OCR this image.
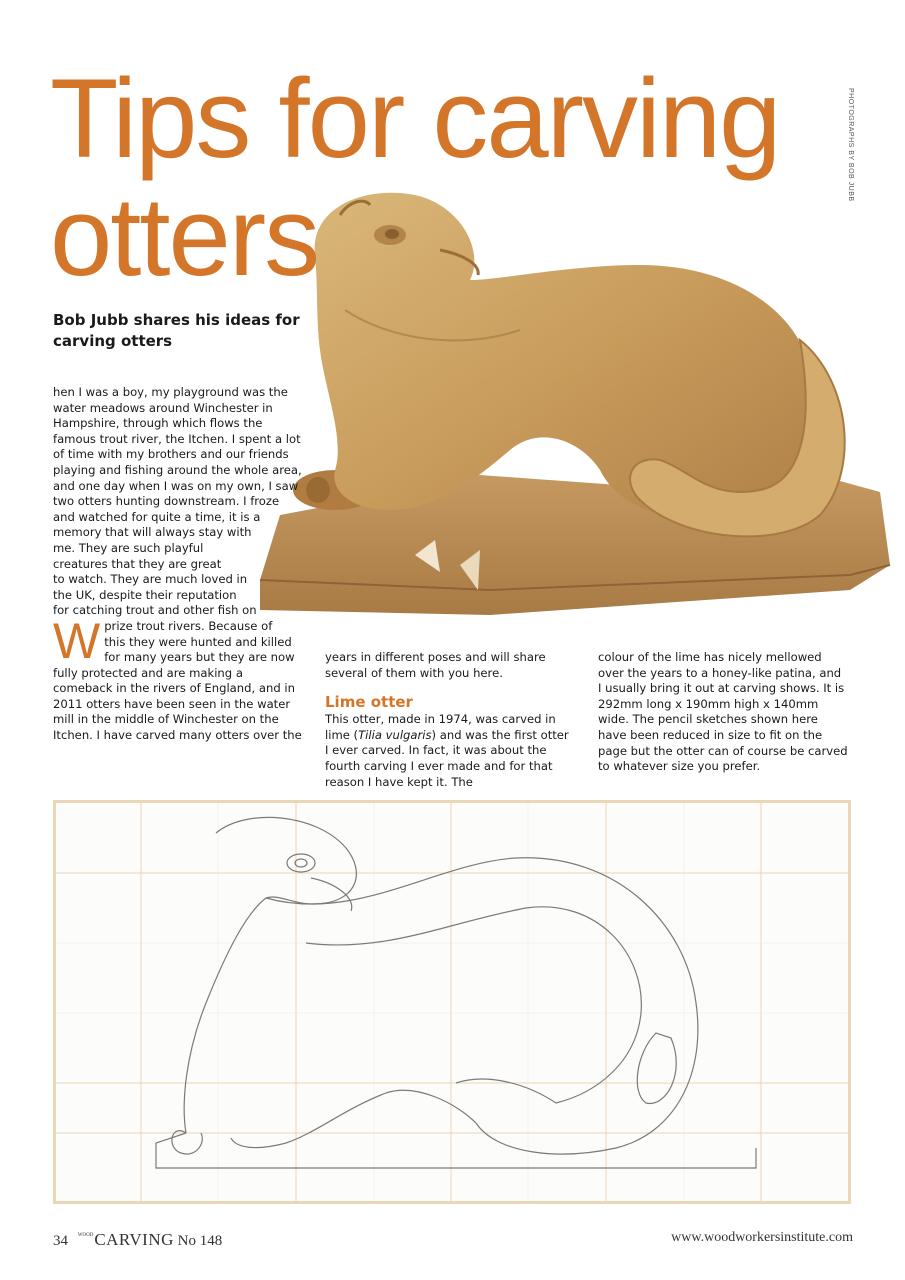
Tips for carving
otters
PHOTOGRAPHS BY BOB JUBB
Bob Jubb shares his ideas for carving otters
W

hen I was a boy, my playground was the water meadows around Winchester in Hampshire, through which flows the famous trout river, the Itchen. I spent a lot of time with my brothers and our friends playing and fishing around the whole area, and one day when I was on my own, I saw two otters hunting downstream. I froze and watched for quite a time, it is a memory that will always stay with me. They are such playful creatures that they are great to watch. They are much loved in the UK, despite their reputation for catching trout and other fish on prize trout rivers. Because of this they were hunted and killed for many years but they are now fully protected and are making a comeback in the rivers of England, and in 2011 otters have been seen in the water mill in the middle of Winchester on the Itchen. I have carved many otters over the

years in different poses and will share several of them with you here.

Lime otter

This otter, made in 1974, was carved in lime (Tilia vulgaris) and was the first otter I ever carved. In fact, it was about the fourth carving I ever made and for that reason I have kept it. The

colour of the lime has nicely mellowed over the years to a honey-like patina, and I usually bring it out at carving shows. It is 292mm long x 190mm high x 140mm wide. The pencil sketches shown here have been reduced in size to fit on the page but the otter can of course be carved to whatever size you prefer.

34 $^{WOOD}$CARVING No 148	www.woodworkersinstitute.com
